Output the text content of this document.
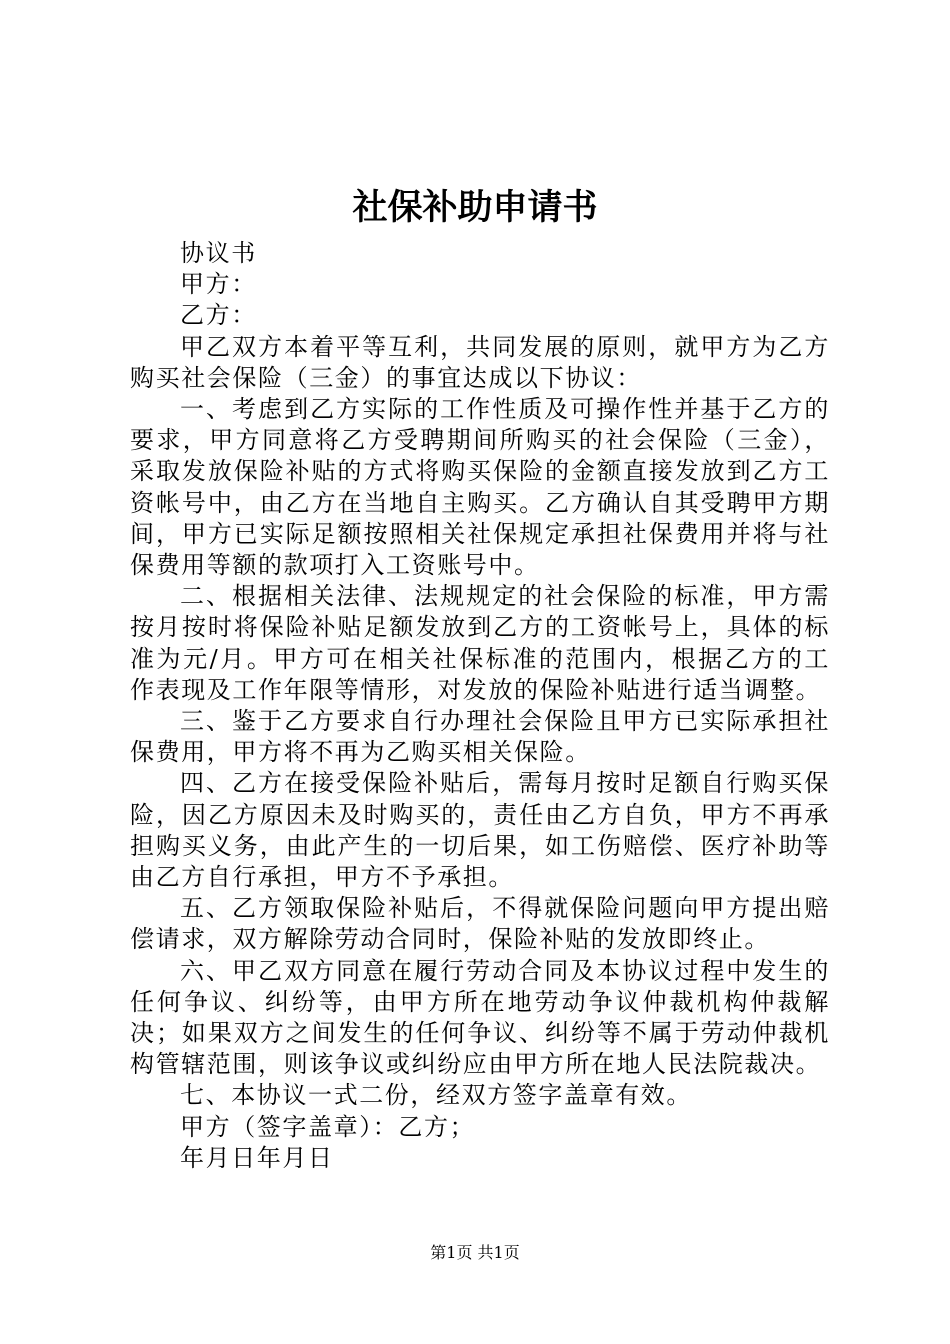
社保补助申请书

协议书

甲方：

乙方：

甲乙双方本着平等互利，共同发展的原则，就甲方为乙方购买社会保险（三金）的事宜达成以下协议：

一、考虑到乙方实际的工作性质及可操作性并基于乙方的要求，甲方同意将乙方受聘期间所购买的社会保险（三金），采取发放保险补贴的方式将购买保险的金额直接发放到乙方工资帐号中，由乙方在当地自主购买。乙方确认自其受聘甲方期间，甲方已实际足额按照相关社保规定承担社保费用并将与社保费用等额的款项打入工资账号中。

二、根据相关法律、法规规定的社会保险的标准，甲方需按月按时将保险补贴足额发放到乙方的工资帐号上，具体的标准为元/月。甲方可在相关社保标准的范围内，根据乙方的工作表现及工作年限等情形，对发放的保险补贴进行适当调整。

三、鉴于乙方要求自行办理社会保险且甲方已实际承担社保费用，甲方将不再为乙购买相关保险。

四、乙方在接受保险补贴后，需每月按时足额自行购买保险，因乙方原因未及时购买的，责任由乙方自负，甲方不再承担购买义务，由此产生的一切后果，如工伤赔偿、医疗补助等由乙方自行承担，甲方不予承担。

五、乙方领取保险补贴后，不得就保险问题向甲方提出赔偿请求，双方解除劳动合同时，保险补贴的发放即终止。

六、甲乙双方同意在履行劳动合同及本协议过程中发生的任何争议、纠纷等，由甲方所在地劳动争议仲裁机构仲裁解决；如果双方之间发生的任何争议、纠纷等不属于劳动仲裁机构管辖范围，则该争议或纠纷应由甲方所在地人民法院裁决。

七、本协议一式二份，经双方签字盖章有效。

甲方（签字盖章）：乙方；

年月日年月日

第1页 共1页
